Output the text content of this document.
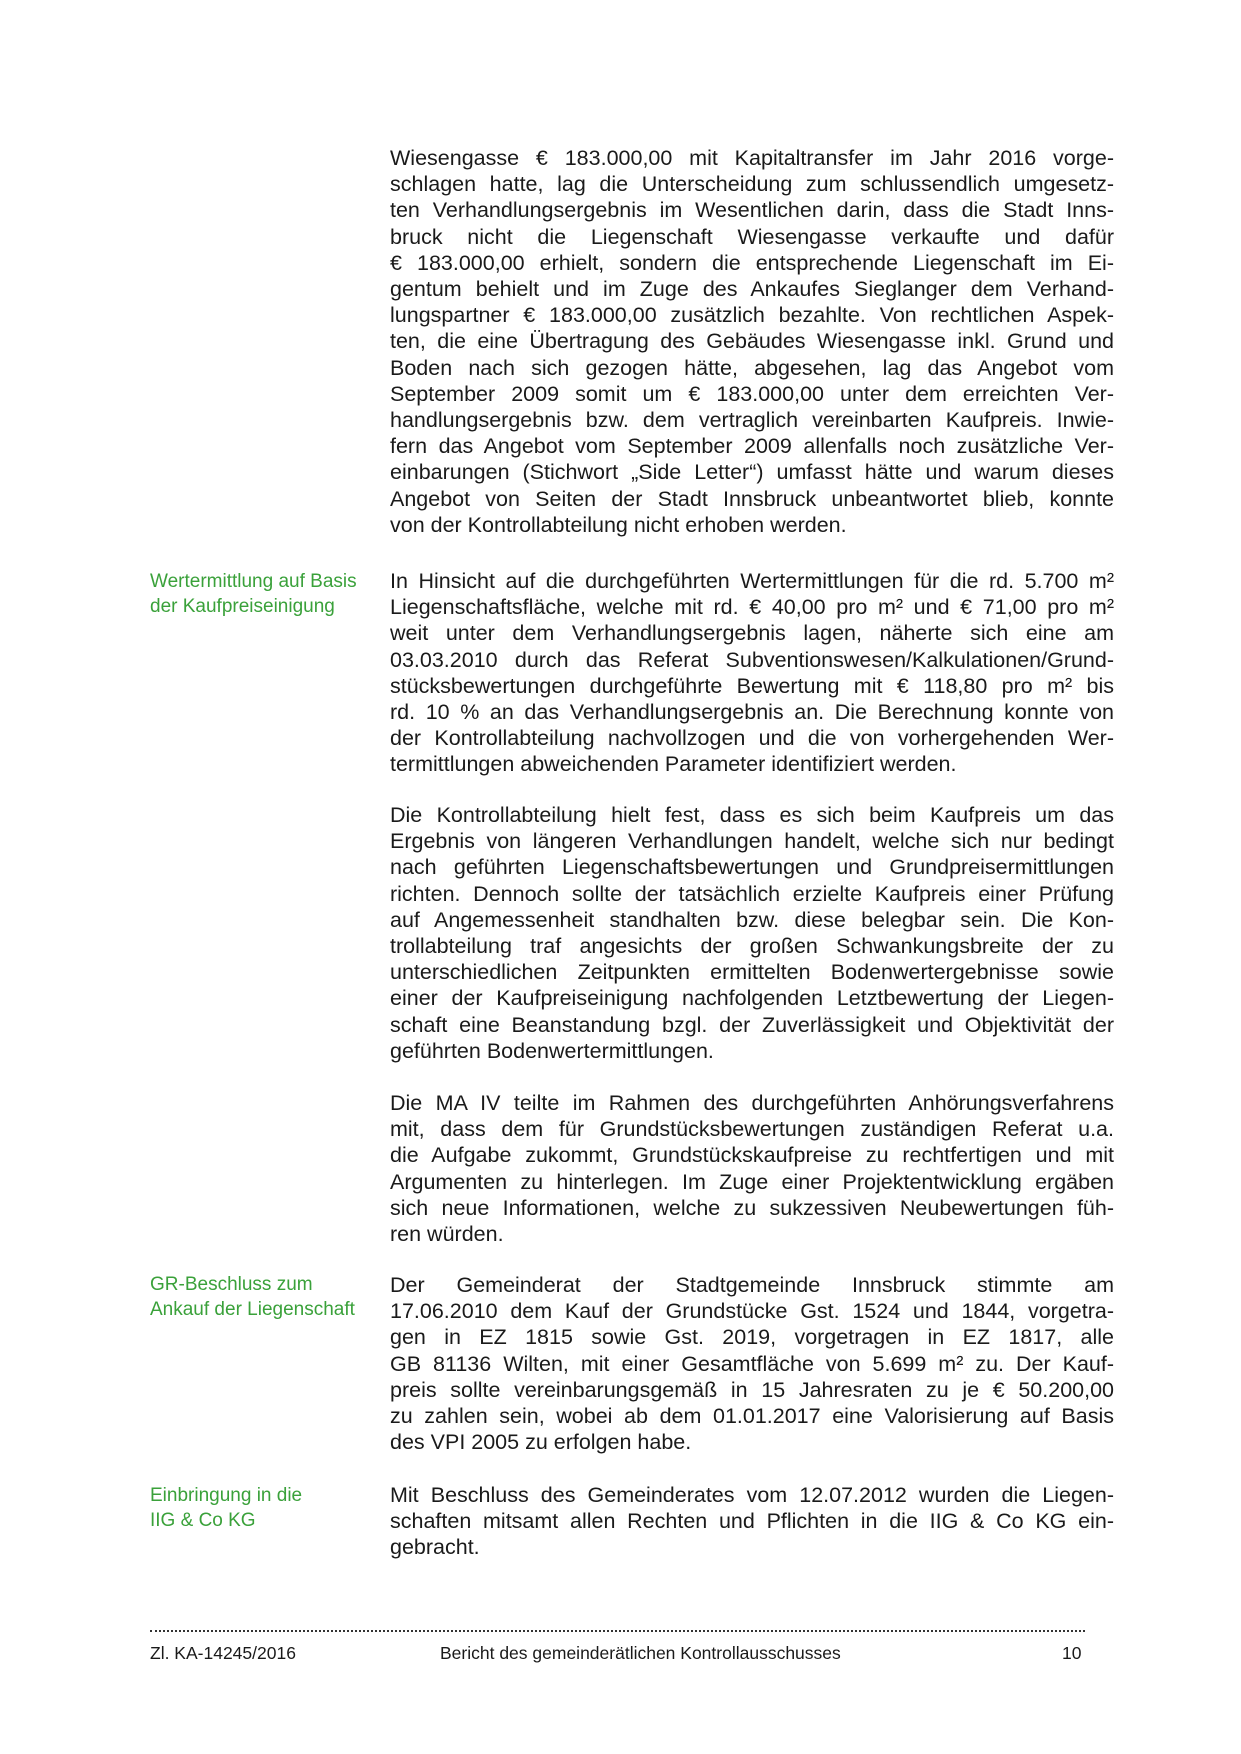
Wiesengasse € 183.000,00 mit Kapitaltransfer im Jahr 2016 vorge-
schlagen hatte, lag die Unterscheidung zum schlussendlich umgesetz-
ten Verhandlungsergebnis im Wesentlichen darin, dass die Stadt Inns-
bruck nicht die Liegenschaft Wiesengasse verkaufte und dafür
€ 183.000,00 erhielt, sondern die entsprechende Liegenschaft im Ei-
gentum behielt und im Zuge des Ankaufes Sieglanger dem Verhand-
lungspartner € 183.000,00 zusätzlich bezahlte. Von rechtlichen Aspek-
ten, die eine Übertragung des Gebäudes Wiesengasse inkl. Grund und
Boden nach sich gezogen hätte, abgesehen, lag das Angebot vom
September 2009 somit um € 183.000,00 unter dem erreichten Ver-
handlungsergebnis bzw. dem vertraglich vereinbarten Kaufpreis. Inwie-
fern das Angebot vom September 2009 allenfalls noch zusätzliche Ver-
einbarungen (Stichwort „Side Letter“) umfasst hätte und warum dieses
Angebot von Seiten der Stadt Innsbruck unbeantwortet blieb, konnte
von der Kontrollabteilung nicht erhoben werden.
Wertermittlung auf Basis
der Kaufpreiseinigung
In Hinsicht auf die durchgeführten Wertermittlungen für die rd. 5.700 m²
Liegenschaftsfläche, welche mit rd. € 40,00 pro m² und € 71,00 pro m²
weit unter dem Verhandlungsergebnis lagen, näherte sich eine am
03.03.2010 durch das Referat Subventionswesen/Kalkulationen/Grund-
stücksbewertungen durchgeführte Bewertung mit € 118,80 pro m² bis
rd. 10 % an das Verhandlungsergebnis an. Die Berechnung konnte von
der Kontrollabteilung nachvollzogen und die von vorhergehenden Wer-
termittlungen abweichenden Parameter identifiziert werden.
Die Kontrollabteilung hielt fest, dass es sich beim Kaufpreis um das
Ergebnis von längeren Verhandlungen handelt, welche sich nur bedingt
nach geführten Liegenschaftsbewertungen und Grundpreisermittlungen
richten. Dennoch sollte der tatsächlich erzielte Kaufpreis einer Prüfung
auf Angemessenheit standhalten bzw. diese belegbar sein. Die Kon-
trollabteilung traf angesichts der großen Schwankungsbreite der zu
unterschiedlichen Zeitpunkten ermittelten Bodenwertergebnisse sowie
einer der Kaufpreiseinigung nachfolgenden Letztbewertung der Liegen-
schaft eine Beanstandung bzgl. der Zuverlässigkeit und Objektivität der
geführten Bodenwertermittlungen.
Die MA IV teilte im Rahmen des durchgeführten Anhörungsverfahrens
mit, dass dem für Grundstücksbewertungen zuständigen Referat u.a.
die Aufgabe zukommt, Grundstückskaufpreise zu rechtfertigen und mit
Argumenten zu hinterlegen. Im Zuge einer Projektentwicklung ergäben
sich neue Informationen, welche zu sukzessiven Neubewertungen füh-
ren würden.
GR-Beschluss zum
Ankauf der Liegenschaft
Der Gemeinderat der Stadtgemeinde Innsbruck stimmte am
17.06.2010 dem Kauf der Grundstücke Gst. 1524 und 1844, vorgetra-
gen in EZ 1815 sowie Gst. 2019, vorgetragen in EZ 1817, alle
GB 81136 Wilten, mit einer Gesamtfläche von 5.699 m² zu. Der Kauf-
preis sollte vereinbarungsgemäß in 15 Jahresraten zu je € 50.200,00
zu zahlen sein, wobei ab dem 01.01.2017 eine Valorisierung auf Basis
des VPI 2005 zu erfolgen habe.
Einbringung in die
IIG & Co KG
Mit Beschluss des Gemeinderates vom 12.07.2012 wurden die Liegen-
schaften mitsamt allen Rechten und Pflichten in die IIG & Co KG ein-
gebracht.
Zl. KA-14245/2016	Bericht des gemeinderätlichen Kontrollausschusses	10
